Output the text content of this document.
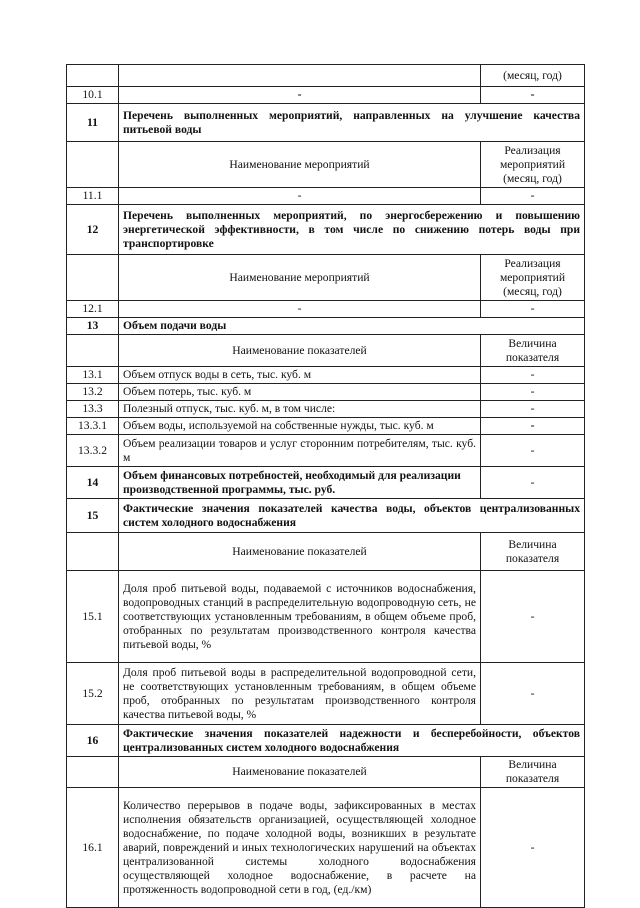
		(месяц, год)
10.1	-	-
11	Перечень выполненных мероприятий, направленных на улучшение качества питьевой воды	
	Наименование мероприятий	Реализация мероприятий (месяц, год)
11.1	-	-
12	Перечень выполненных мероприятий, по энергосбережению и повышению энергетической эффективности, в том числе по снижению потерь воды при транспортировке	
	Наименование мероприятий	Реализация мероприятий (месяц, год)
12.1	-	-
13	Объем подачи воды	
	Наименование показателей	Величина показателя
13.1	Объем отпуск воды в сеть, тыс. куб. м	-
13.2	Объем потерь, тыс. куб. м	-
13.3	Полезный отпуск, тыс. куб. м, в том числе:	-
13.3.1	Объем воды, используемой на собственные нужды, тыс. куб. м	-
13.3.2	Объем реализации товаров и услуг сторонним потребителям, тыс. куб. м	-
14	Объем финансовых потребностей, необходимый для реализации производственной программы, тыс. руб.	-
15	Фактические значения показателей качества воды, объектов централизованных систем холодного водоснабжения	
	Наименование показателей	Величина показателя
15.1	Доля проб питьевой воды, подаваемой с источников водоснабжения, водопроводных станций в распределительную водопроводную сеть, не соответствующих установленным требованиям, в общем объеме проб, отобранных по результатам производственного контроля качества питьевой воды, %	-
15.2	Доля проб питьевой воды в распределительной водопроводной сети, не соответствующих установленным требованиям, в общем объеме проб, отобранных по результатам производственного контроля качества питьевой воды, %	-
16	Фактические значения показателей надежности и бесперебойности, объектов централизованных систем холодного водоснабжения	
	Наименование показателей	Величина показателя
16.1	Количество перерывов в подаче воды, зафиксированных в местах исполнения обязательств организацией, осуществляющей холодное водоснабжение, по подаче холодной воды, возникших в результате аварий, повреждений и иных технологических нарушений на объектах централизованной системы холодного водоснабжения осуществляющей холодное водоснабжение, в расчете на протяженность водопроводной сети в год, (ед./км)	-
